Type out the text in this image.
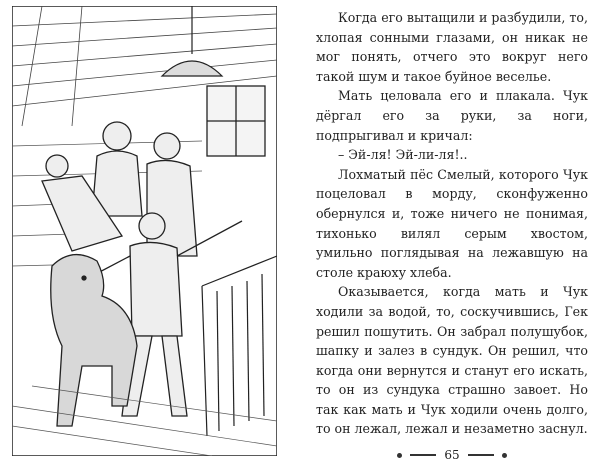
Когда его вытащили и разбудили, то, хлопая сонными глазами, он никак не мог понять, отчего это вокруг него такой шум и такое буйное веселье.

Мать целовала его и плакала. Чук дёргал его за руки, за ноги, подпрыгивал и кричал:

– Эй-ля! Эй-ли-ля!..

Лохматый пёс Смелый, которого Чук поцеловал в морду, сконфуженно обернулся и, тоже ничего не понимая, тихонько вилял серым хвостом, умильно поглядывая на лежавшую на столе краюху хлеба.

Оказывается, когда мать и Чук ходили за водой, то, соскучившись, Гек решил пошутить. Он забрал полушубок, шапку и залез в сундук. Он решил, что когда они вернутся и станут его искать, то он из сундука страшно завоет. Но так как мать и Чук ходили очень долго, то он лежал, лежал и незаметно заснул.

65
